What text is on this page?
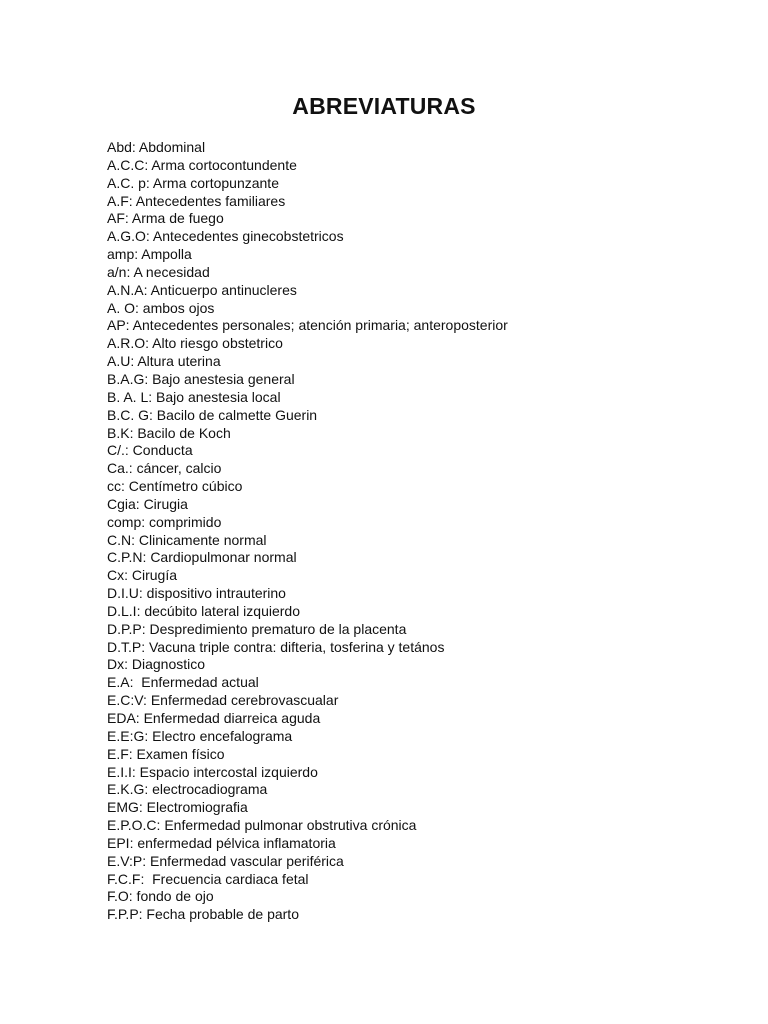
ABREVIATURAS
Abd: Abdominal
A.C.C: Arma cortocontundente
A.C. p: Arma cortopunzante
A.F: Antecedentes familiares
AF: Arma de fuego
A.G.O: Antecedentes ginecobstetricos
amp: Ampolla
a/n: A necesidad
A.N.A: Anticuerpo antinucleres
A. O: ambos ojos
AP: Antecedentes personales; atención primaria; anteroposterior
A.R.O: Alto riesgo obstetrico
A.U: Altura uterina
B.A.G: Bajo anestesia general
B. A. L: Bajo anestesia local
B.C. G: Bacilo de calmette Guerin
B.K: Bacilo de Koch
C/.: Conducta
Ca.: cáncer, calcio
cc: Centímetro cúbico
Cgia: Cirugia
comp: comprimido
C.N: Clinicamente normal
C.P.N: Cardiopulmonar normal
Cx: Cirugía
D.I.U: dispositivo intrauterino
D.L.I: decúbito lateral izquierdo
D.P.P: Despredimiento prematuro de la placenta
D.T.P: Vacuna triple contra: difteria, tosferina y tetános
Dx: Diagnostico
E.A:  Enfermedad actual
E.C:V: Enfermedad cerebrovascualar
EDA: Enfermedad diarreica aguda
E.E:G: Electro encefalograma
E.F: Examen físico
E.I.I: Espacio intercostal izquierdo
E.K.G: electrocadiograma
EMG: Electromiografia
E.P.O.C: Enfermedad pulmonar obstrutiva crónica
EPI: enfermedad pélvica inflamatoria
E.V:P: Enfermedad vascular periférica
F.C.F:  Frecuencia cardiaca fetal
F.O: fondo de ojo
F.P.P: Fecha probable de parto
